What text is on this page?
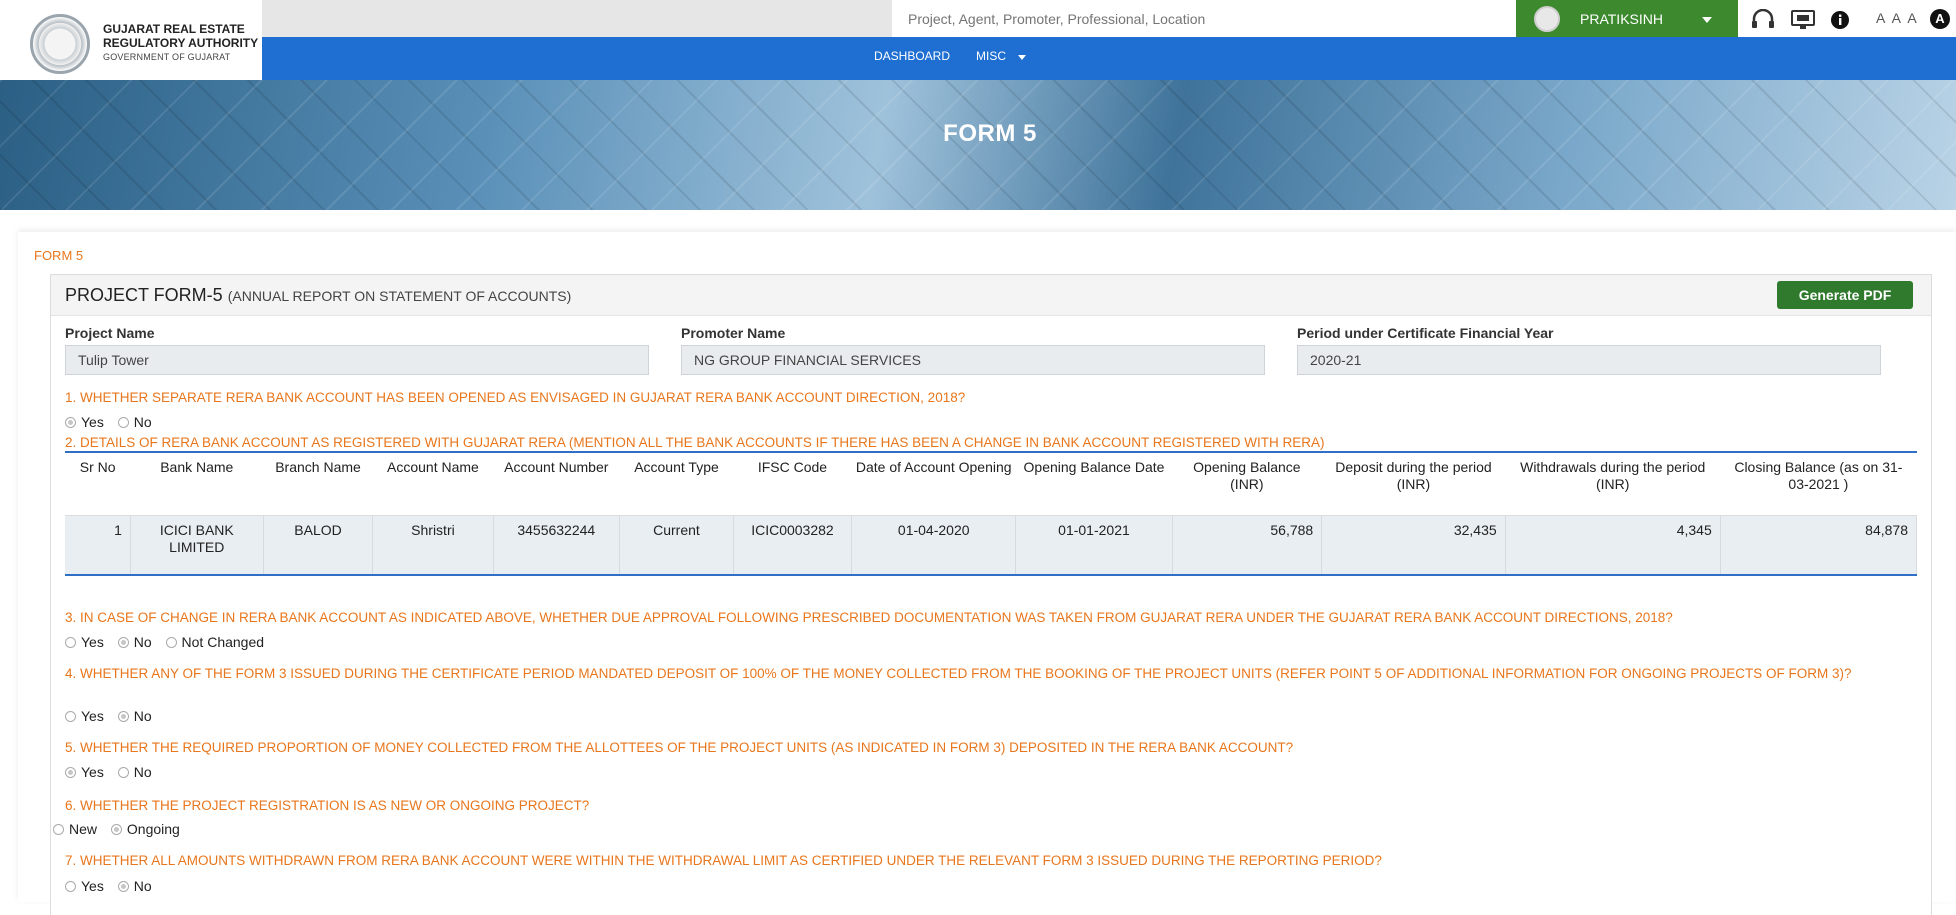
GUJARAT REAL ESTATE
REGULATORY AUTHORITY
GOVERNMENT OF GUJARAT
Project, Agent, Promoter, Professional, Location
PRATIKSINH	A A A	A
DASHBOARD MISC
FORM 5
FORM 5
PROJECT FORM-5 (ANNUAL REPORT ON STATEMENT OF ACCOUNTS)	Generate PDF
Project Name
Tulip Tower
Promoter Name
NG GROUP FINANCIAL SERVICES
Period under Certificate Financial Year
2020-21
1. WHETHER SEPARATE RERA BANK ACCOUNT HAS BEEN OPENED AS ENVISAGED IN GUJARAT RERA BANK ACCOUNT DIRECTION, 2018?
Yes No
2. DETAILS OF RERA BANK ACCOUNT AS REGISTERED WITH GUJARAT RERA (MENTION ALL THE BANK ACCOUNTS IF THERE HAS BEEN A CHANGE IN BANK ACCOUNT REGISTERED WITH RERA)
Sr No	Bank Name	Branch Name	Account Name	Account Number	Account Type	IFSC Code	Date of Account Opening	Opening Balance Date	Opening Balance (INR)	Deposit during the period (INR)	Withdrawals during the period (INR)	Closing Balance (as on 31-03-2021 )
1	ICICI BANK LIMITED	BALOD	Shristri	3455632244	Current	ICIC0003282	01-04-2020	01-01-2021	56,788	32,435	4,345	84,878
3. IN CASE OF CHANGE IN RERA BANK ACCOUNT AS INDICATED ABOVE, WHETHER DUE APPROVAL FOLLOWING PRESCRIBED DOCUMENTATION WAS TAKEN FROM GUJARAT RERA UNDER THE GUJARAT RERA BANK ACCOUNT DIRECTIONS, 2018?
Yes No Not Changed
4. WHETHER ANY OF THE FORM 3 ISSUED DURING THE CERTIFICATE PERIOD MANDATED DEPOSIT OF 100% OF THE MONEY COLLECTED FROM THE BOOKING OF THE PROJECT UNITS (REFER POINT 5 OF ADDITIONAL INFORMATION FOR ONGOING PROJECTS OF FORM 3)?
Yes No
5. WHETHER THE REQUIRED PROPORTION OF MONEY COLLECTED FROM THE ALLOTTEES OF THE PROJECT UNITS (AS INDICATED IN FORM 3) DEPOSITED IN THE RERA BANK ACCOUNT?
Yes No
6. WHETHER THE PROJECT REGISTRATION IS AS NEW OR ONGOING PROJECT?
New Ongoing
7. WHETHER ALL AMOUNTS WITHDRAWN FROM RERA BANK ACCOUNT WERE WITHIN THE WITHDRAWAL LIMIT AS CERTIFIED UNDER THE RELEVANT FORM 3 ISSUED DURING THE REPORTING PERIOD?
Yes No
